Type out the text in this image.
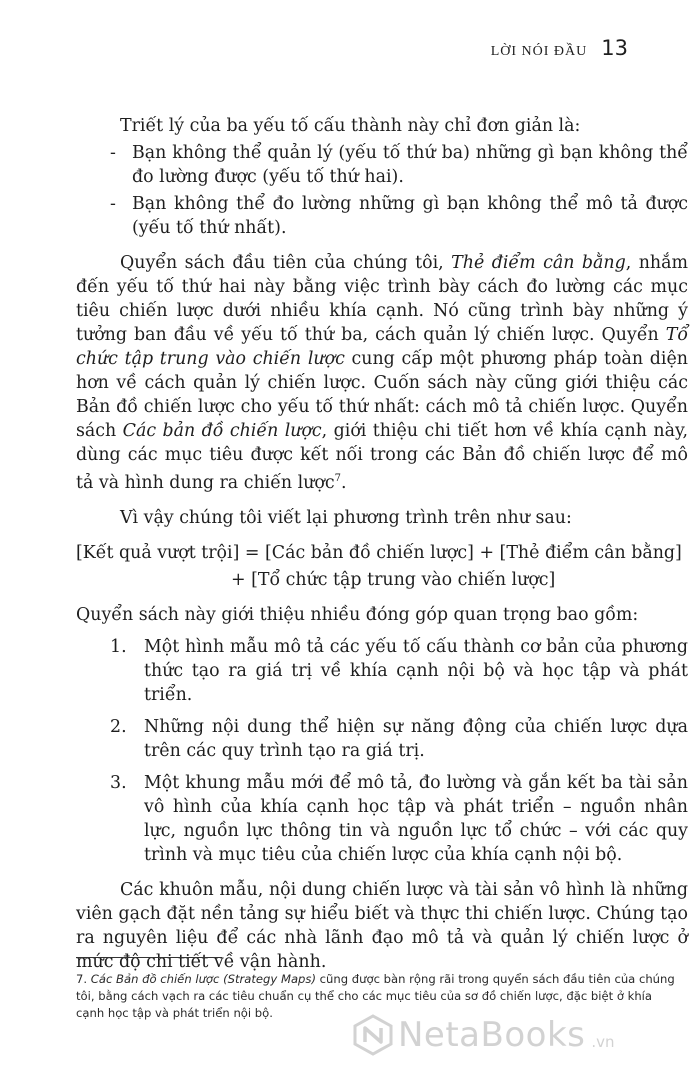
LỜI NÓI ĐẦU 13

Triết lý của ba yếu tố cấu thành này chỉ đơn giản là:

- Bạn không thể quản lý (yếu tố thứ ba) những gì bạn không thể đo lường được (yếu tố thứ hai).

- Bạn không thể đo lường những gì bạn không thể mô tả được (yếu tố thứ nhất).

Quyển sách đầu tiên của chúng tôi, Thẻ điểm cân bằng, nhắm đến yếu tố thứ hai này bằng việc trình bày cách đo lường các mục tiêu chiến lược dưới nhiều khía cạnh. Nó cũng trình bày những ý tưởng ban đầu về yếu tố thứ ba, cách quản lý chiến lược. Quyển Tổ chức tập trung vào chiến lược cung cấp một phương pháp toàn diện hơn về cách quản lý chiến lược. Cuốn sách này cũng giới thiệu các Bản đồ chiến lược cho yếu tố thứ nhất: cách mô tả chiến lược. Quyển sách Các bản đồ chiến lược, giới thiệu chi tiết hơn về khía cạnh này, dùng các mục tiêu được kết nối trong các Bản đồ chiến lược để mô tả và hình dung ra chiến lược$^7$.

Vì vậy chúng tôi viết lại phương trình trên như sau:

[Kết quả vượt trội] = [Các bản đồ chiến lược] + [Thẻ điểm cân bằng]

+ [Tổ chức tập trung vào chiến lược]

Quyển sách này giới thiệu nhiều đóng góp quan trọng bao gồm:

1. Một hình mẫu mô tả các yếu tố cấu thành cơ bản của phương thức tạo ra giá trị về khía cạnh nội bộ và học tập và phát triển.

2. Những nội dung thể hiện sự năng động của chiến lược dựa trên các quy trình tạo ra giá trị.

3. Một khung mẫu mới để mô tả, đo lường và gắn kết ba tài sản vô hình của khía cạnh học tập và phát triển – nguồn nhân lực, nguồn lực thông tin và nguồn lực tổ chức – với các quy trình và mục tiêu của chiến lược của khía cạnh nội bộ.

Các khuôn mẫu, nội dung chiến lược và tài sản vô hình là những viên gạch đặt nền tảng sự hiểu biết và thực thi chiến lược. Chúng tạo ra nguyên liệu để các nhà lãnh đạo mô tả và quản lý chiến lược ở mức độ chi tiết về vận hành.

7. Các Bản đồ chiến lược (Strategy Maps) cũng được bàn rộng rãi trong quyển sách đầu tiên của chúng tôi, bằng cách vạch ra các tiêu chuẩn cụ thể cho các mục tiêu của sơ đồ chiến lược, đặc biệt ở khía cạnh học tập và phát triển nội bộ.
NetaBooks .vn
